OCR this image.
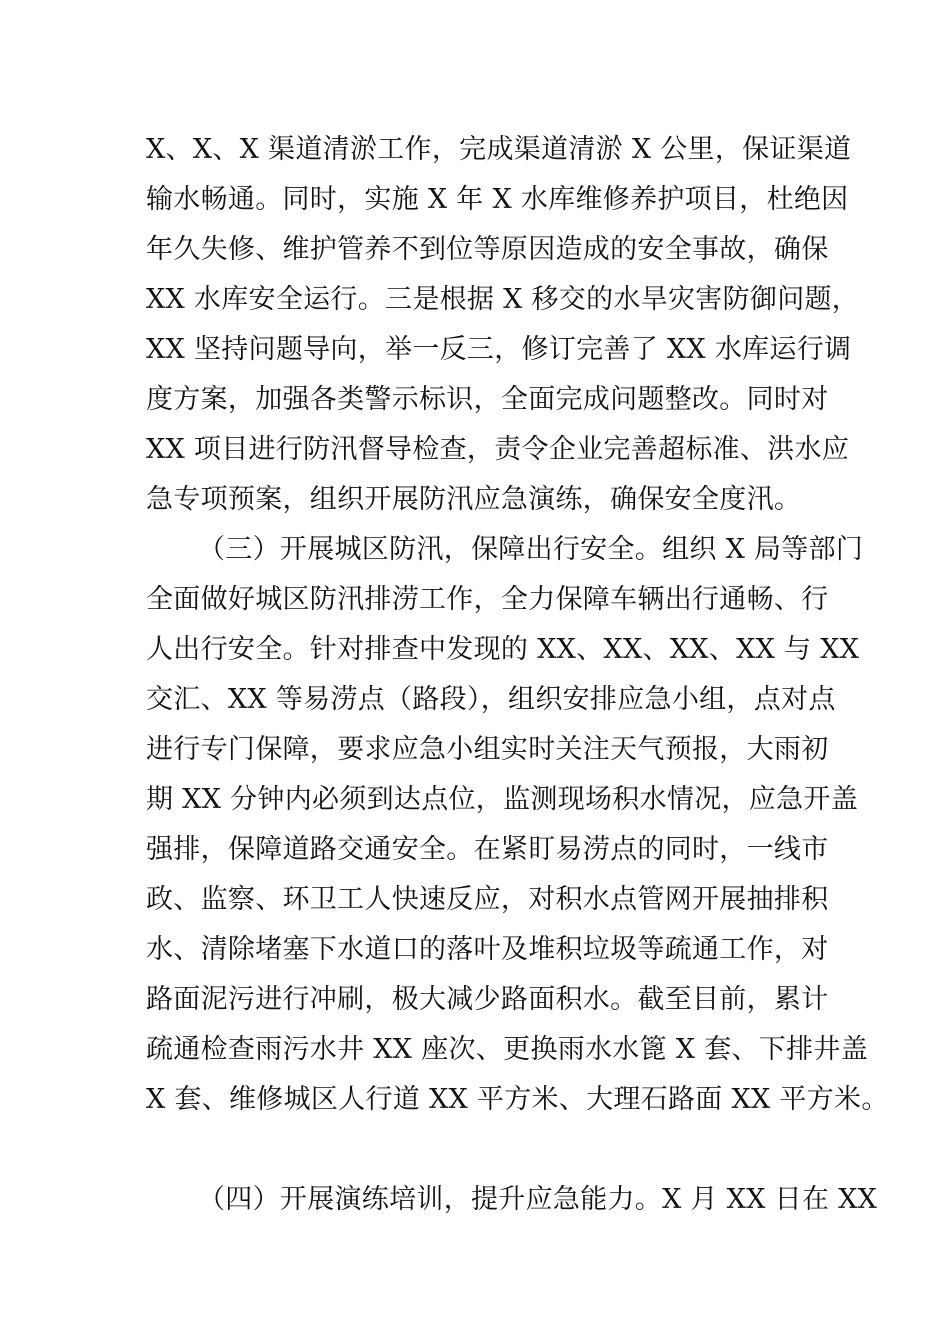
X、X、X 渠道清淤工作，完成渠道清淤 X 公里，保证渠道
输水畅通。同时，实施 X 年 X 水库维修养护项目，杜绝因
年久失修、维护管养不到位等原因造成的安全事故，确保
XX 水库安全运行。三是根据 X 移交的水旱灾害防御问题，
XX 坚持问题导向，举一反三，修订完善了 XX 水库运行调
度方案，加强各类警示标识，全面完成问题整改。同时对
XX 项目进行防汛督导检查，责令企业完善超标准、洪水应
急专项预案，组织开展防汛应急演练，确保安全度汛。
（三）开展城区防汛，保障出行安全。组织 X 局等部门
全面做好城区防汛排涝工作，全力保障车辆出行通畅、行
人出行安全。针对排查中发现的 XX、XX、XX、XX 与 XX
交汇、XX 等易涝点（路段），组织安排应急小组，点对点
进行专门保障，要求应急小组实时关注天气预报，大雨初
期 XX 分钟内必须到达点位，监测现场积水情况，应急开盖
强排，保障道路交通安全。在紧盯易涝点的同时，一线市
政、监察、环卫工人快速反应，对积水点管网开展抽排积
水、清除堵塞下水道口的落叶及堆积垃圾等疏通工作，对
路面泥污进行冲刷，极大减少路面积水。截至目前，累计
疏通检查雨污水井 XX 座次、更换雨水水篦 X 套、下排井盖
X 套、维修城区人行道 XX 平方米、大理石路面 XX 平方米。
（四）开展演练培训，提升应急能力。X 月 XX 日在 XX
